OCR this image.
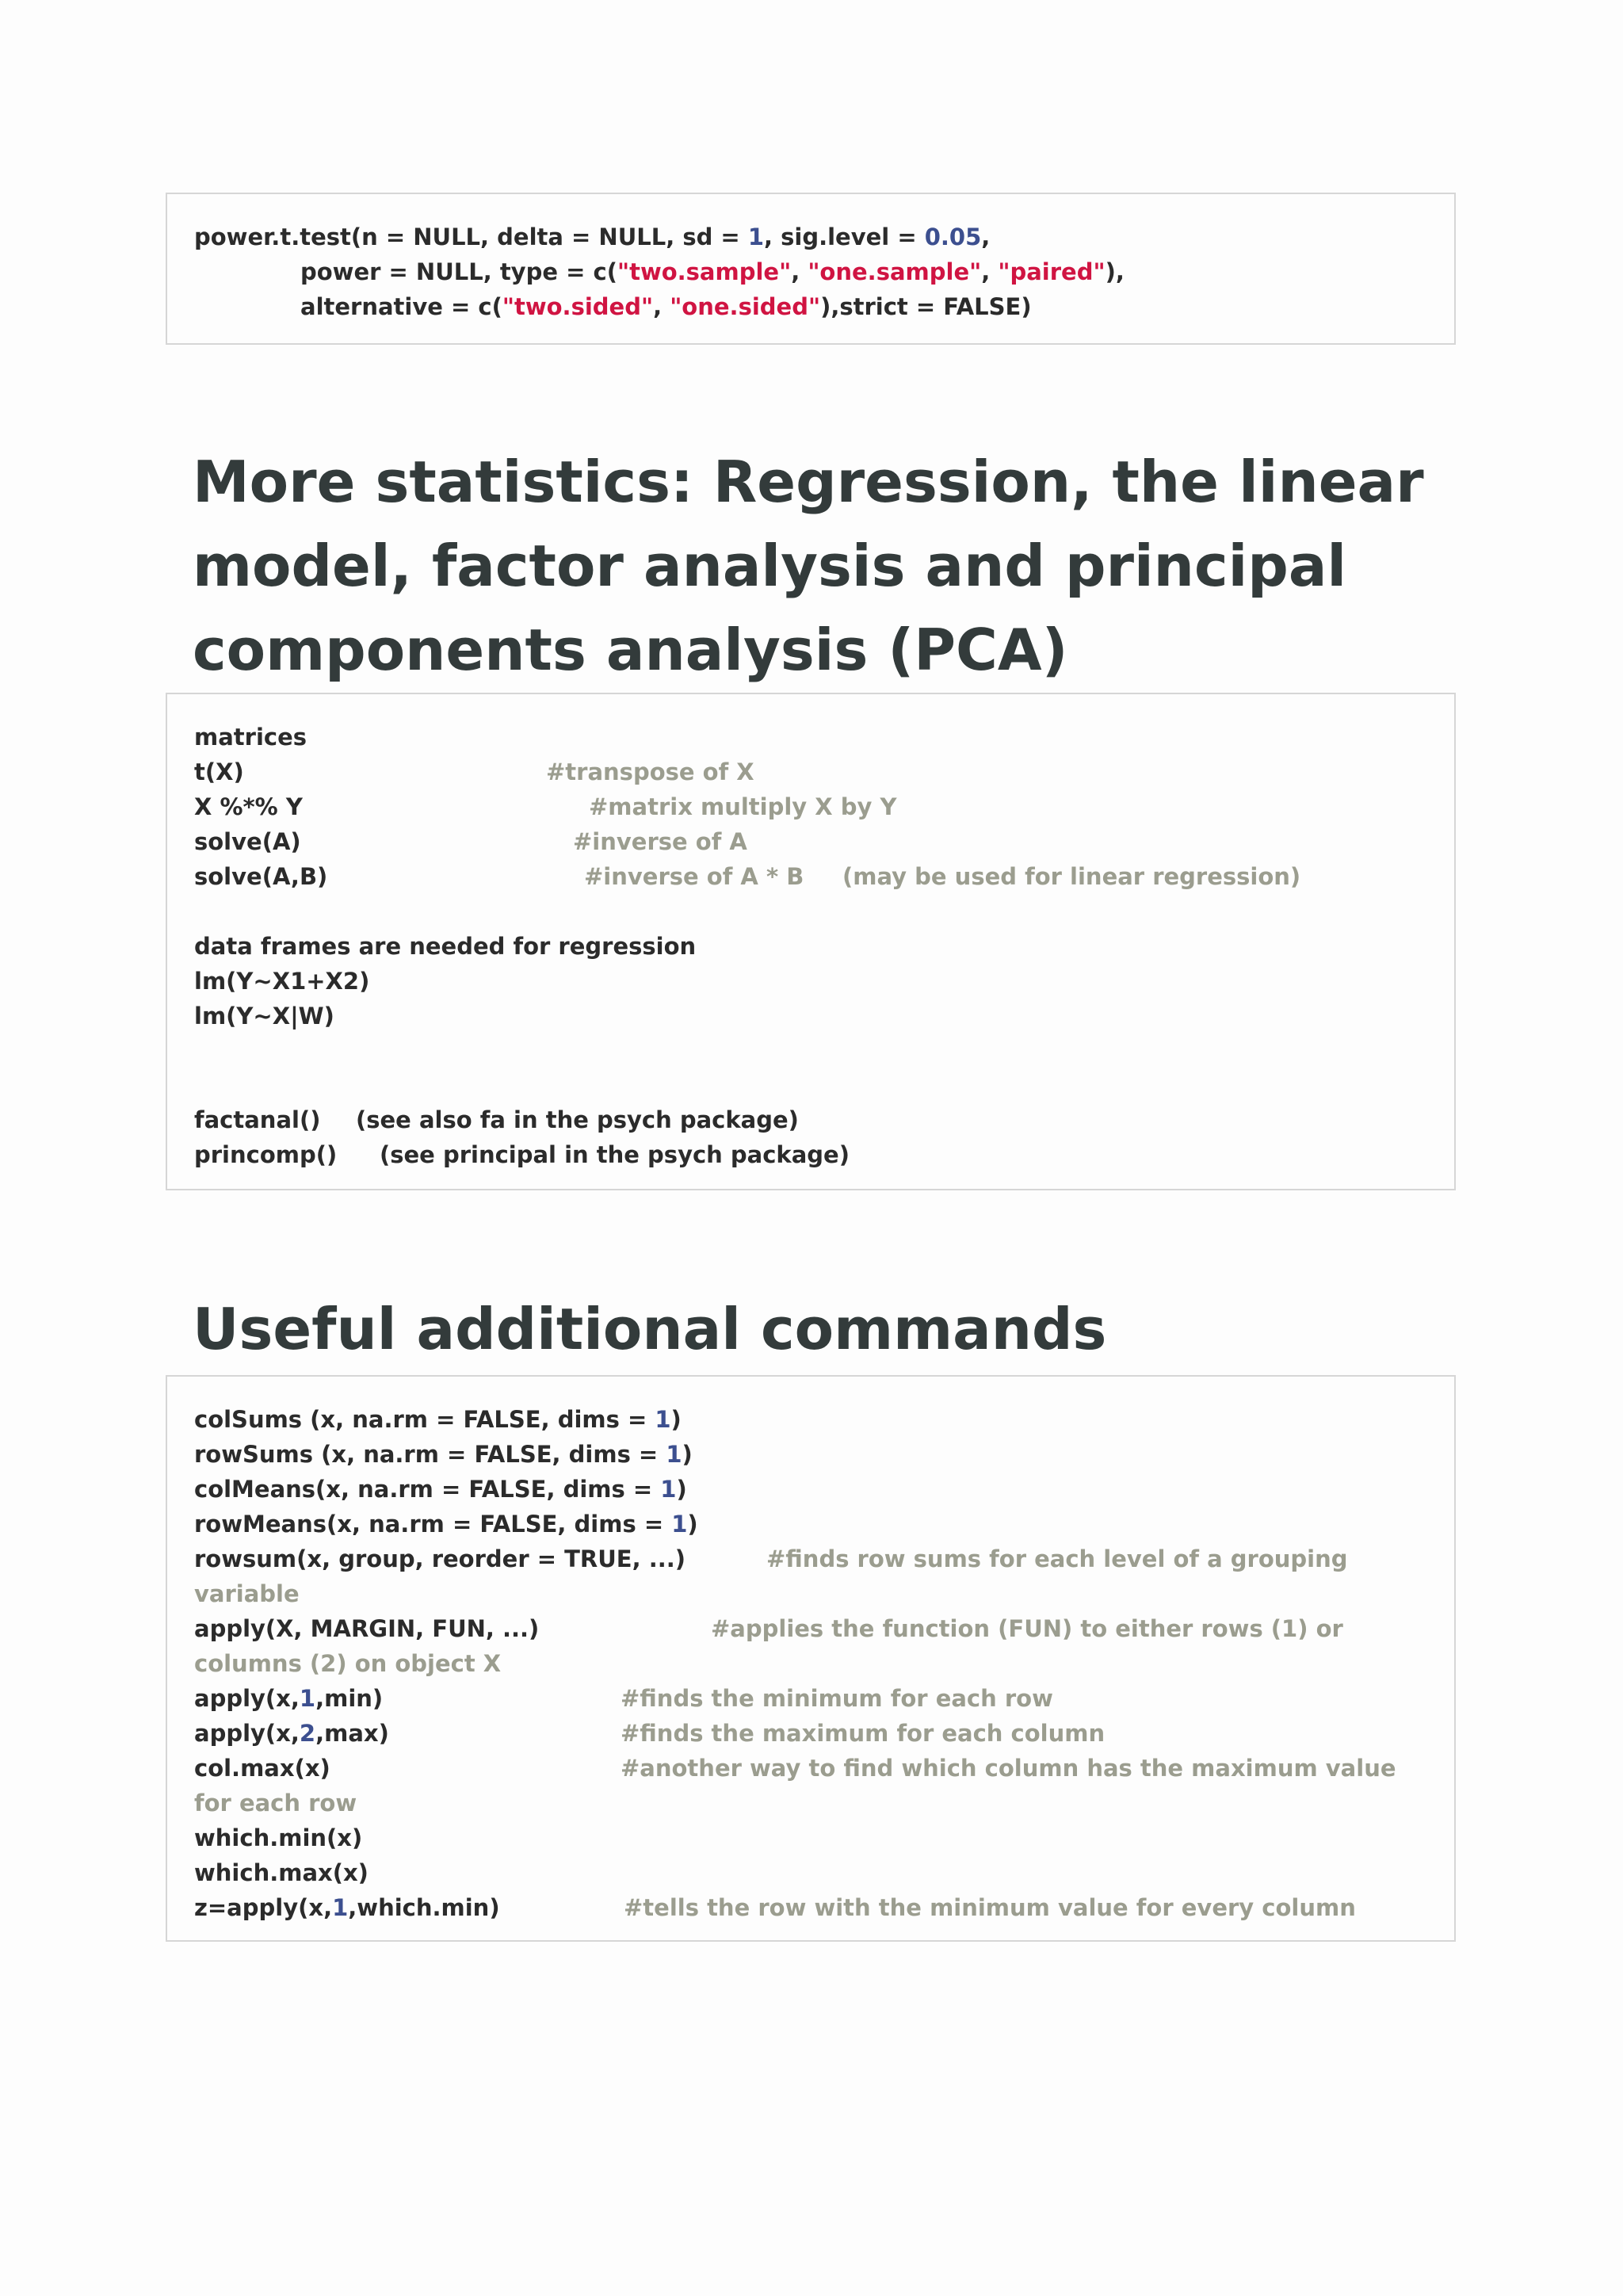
power.t.test(n = NULL, delta = NULL, sd = 1, sig.level = 0.05,
power = NULL, type = c("two.sample", "one.sample", "paired"),
alternative = c("two.sided", "one.sided"),strict = FALSE)
More statistics: Regression, the linear
model, factor analysis and principal
components analysis (PCA)
matrices
t(X)	#transpose of X
X %*% Y	#matrix multiply X by Y
solve(A)	#inverse of A
solve(A,B)	#inverse of A * B (may be used for linear regression)
data frames are needed for regression
lm(Y~X1+X2)
lm(Y~X|W)
factanal() (see also fa in the psych package)
princomp() (see principal in the psych package)
Useful additional commands
colSums (x, na.rm = FALSE, dims = 1)
rowSums (x, na.rm = FALSE, dims = 1)
colMeans(x, na.rm = FALSE, dims = 1)
rowMeans(x, na.rm = FALSE, dims = 1)
rowsum(x, group, reorder = TRUE, ...)	#finds row sums for each level of a grouping
variable
apply(X, MARGIN, FUN, ...)	#applies the function (FUN) to either rows (1) or
columns (2) on object X
apply(x,1,min)	#finds the minimum for each row
apply(x,2,max)	#finds the maximum for each column
col.max(x)	#another way to find which column has the maximum value
for each row
which.min(x)
which.max(x)
z=apply(x,1,which.min)	#tells the row with the minimum value for every column
